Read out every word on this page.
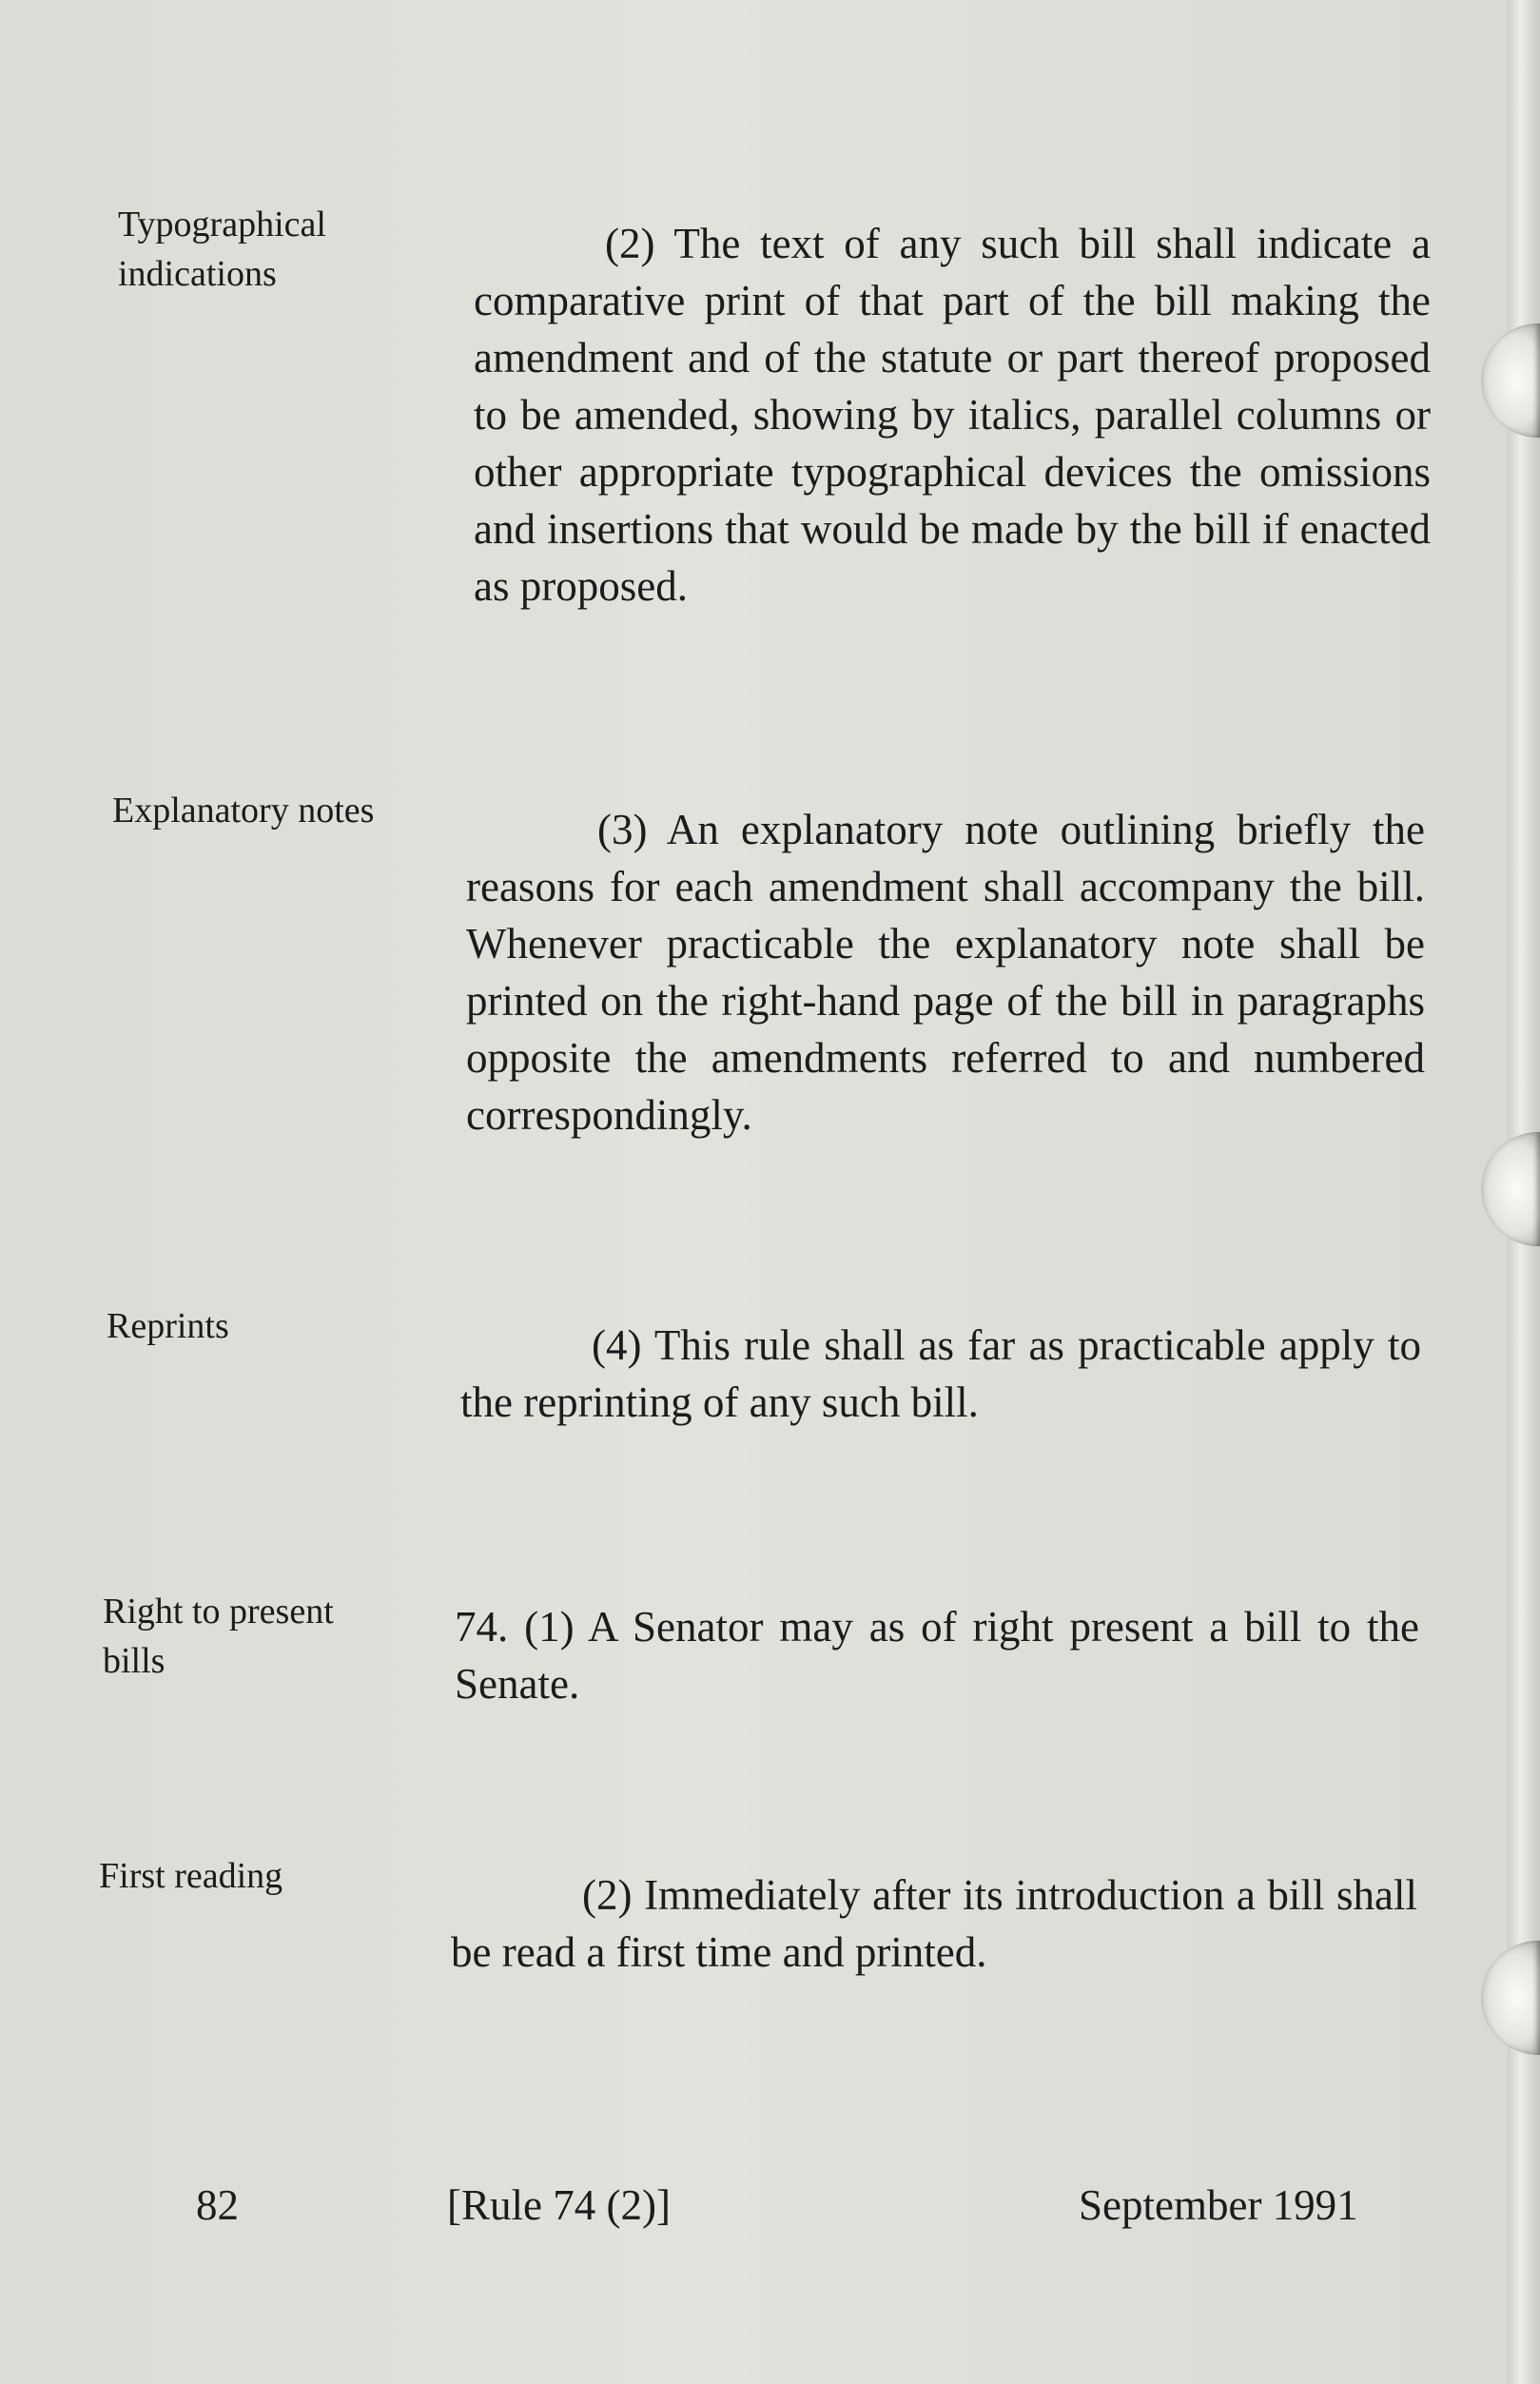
Typographical indications
Explanatory notes
Reprints
Right to present bills
First reading
(2) The text of any such bill shall indicate a comparative print of that part of the bill making the amendment and of the statute or part thereof proposed to be amended, showing by italics, parallel columns or other appropriate typographical devices the omissions and insertions that would be made by the bill if enacted as proposed.
(3) An explanatory note outlining briefly the reasons for each amendment shall accompany the bill. Whenever practicable the explanatory note shall be printed on the right-hand page of the bill in paragraphs opposite the amendments referred to and numbered correspondingly.
(4) This rule shall as far as practicable apply to the reprinting of any such bill.
74. (1) A Senator may as of right present a bill to the Senate.
(2) Immediately after its introduction a bill shall be read a first time and printed.
82	[Rule 74 (2)]	September 1991
